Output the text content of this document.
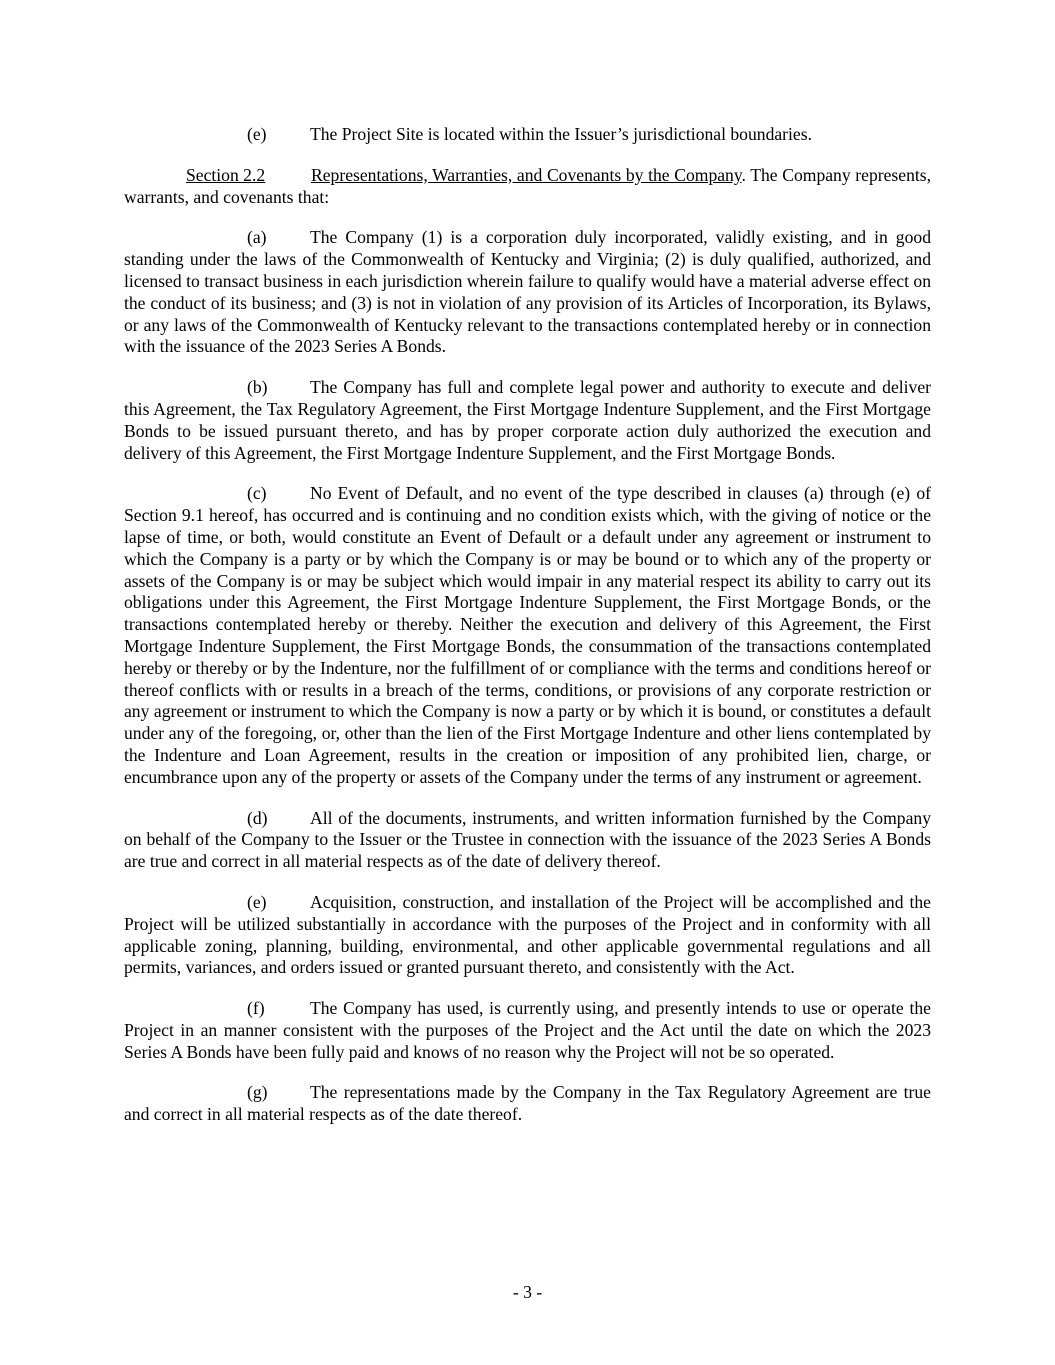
(e) The Project Site is located within the Issuer’s jurisdictional boundaries.

Section 2.2	Representations, Warranties, and Covenants by the Company. The Company represents, warrants, and covenants that:

(a) The Company (1) is a corporation duly incorporated, validly existing, and in good standing under the laws of the Commonwealth of Kentucky and Virginia; (2) is duly qualified, authorized, and licensed to transact business in each jurisdiction wherein failure to qualify would have a material adverse effect on the conduct of its business; and (3) is not in violation of any provision of its Articles of Incorporation, its Bylaws, or any laws of the Commonwealth of Kentucky relevant to the transactions contemplated hereby or in connection with the issuance of the 2023 Series A Bonds.

(b) The Company has full and complete legal power and authority to execute and deliver this Agreement, the Tax Regulatory Agreement, the First Mortgage Indenture Supplement, and the First Mortgage Bonds to be issued pursuant thereto, and has by proper corporate action duly authorized the execution and delivery of this Agreement, the First Mortgage Indenture Supplement, and the First Mortgage Bonds.

(c) No Event of Default, and no event of the type described in clauses (a) through (e) of Section 9.1 hereof, has occurred and is continuing and no condition exists which, with the giving of notice or the lapse of time, or both, would constitute an Event of Default or a default under any agreement or instrument to which the Company is a party or by which the Company is or may be bound or to which any of the property or assets of the Company is or may be subject which would impair in any material respect its ability to carry out its obligations under this Agreement, the First Mortgage Indenture Supplement, the First Mortgage Bonds, or the transactions contemplated hereby or thereby. Neither the execution and delivery of this Agreement, the First Mortgage Indenture Supplement, the First Mortgage Bonds, the consummation of the transactions contemplated hereby or thereby or by the Indenture, nor the fulfillment of or compliance with the terms and conditions hereof or thereof conflicts with or results in a breach of the terms, conditions, or provisions of any corporate restriction or any agreement or instrument to which the Company is now a party or by which it is bound, or constitutes a default under any of the foregoing, or, other than the lien of the First Mortgage Indenture and other liens contemplated by the Indenture and Loan Agreement, results in the creation or imposition of any prohibited lien, charge, or encumbrance upon any of the property or assets of the Company under the terms of any instrument or agreement.

(d) All of the documents, instruments, and written information furnished by the Company on behalf of the Company to the Issuer or the Trustee in connection with the issuance of the 2023 Series A Bonds are true and correct in all material respects as of the date of delivery thereof.

(e) Acquisition, construction, and installation of the Project will be accomplished and the Project will be utilized substantially in accordance with the purposes of the Project and in conformity with all applicable zoning, planning, building, environmental, and other applicable governmental regulations and all permits, variances, and orders issued or granted pursuant thereto, and consistently with the Act.

(f)	The Company has used, is currently using, and presently intends to use or operate the Project in an manner consistent with the purposes of the Project and the Act until the date on which the 2023 Series A Bonds have been fully paid and knows of no reason why the Project will not be so operated.

(g) The representations made by the Company in the Tax Regulatory Agreement are true and correct in all material respects as of the date thereof.

- 3 -
